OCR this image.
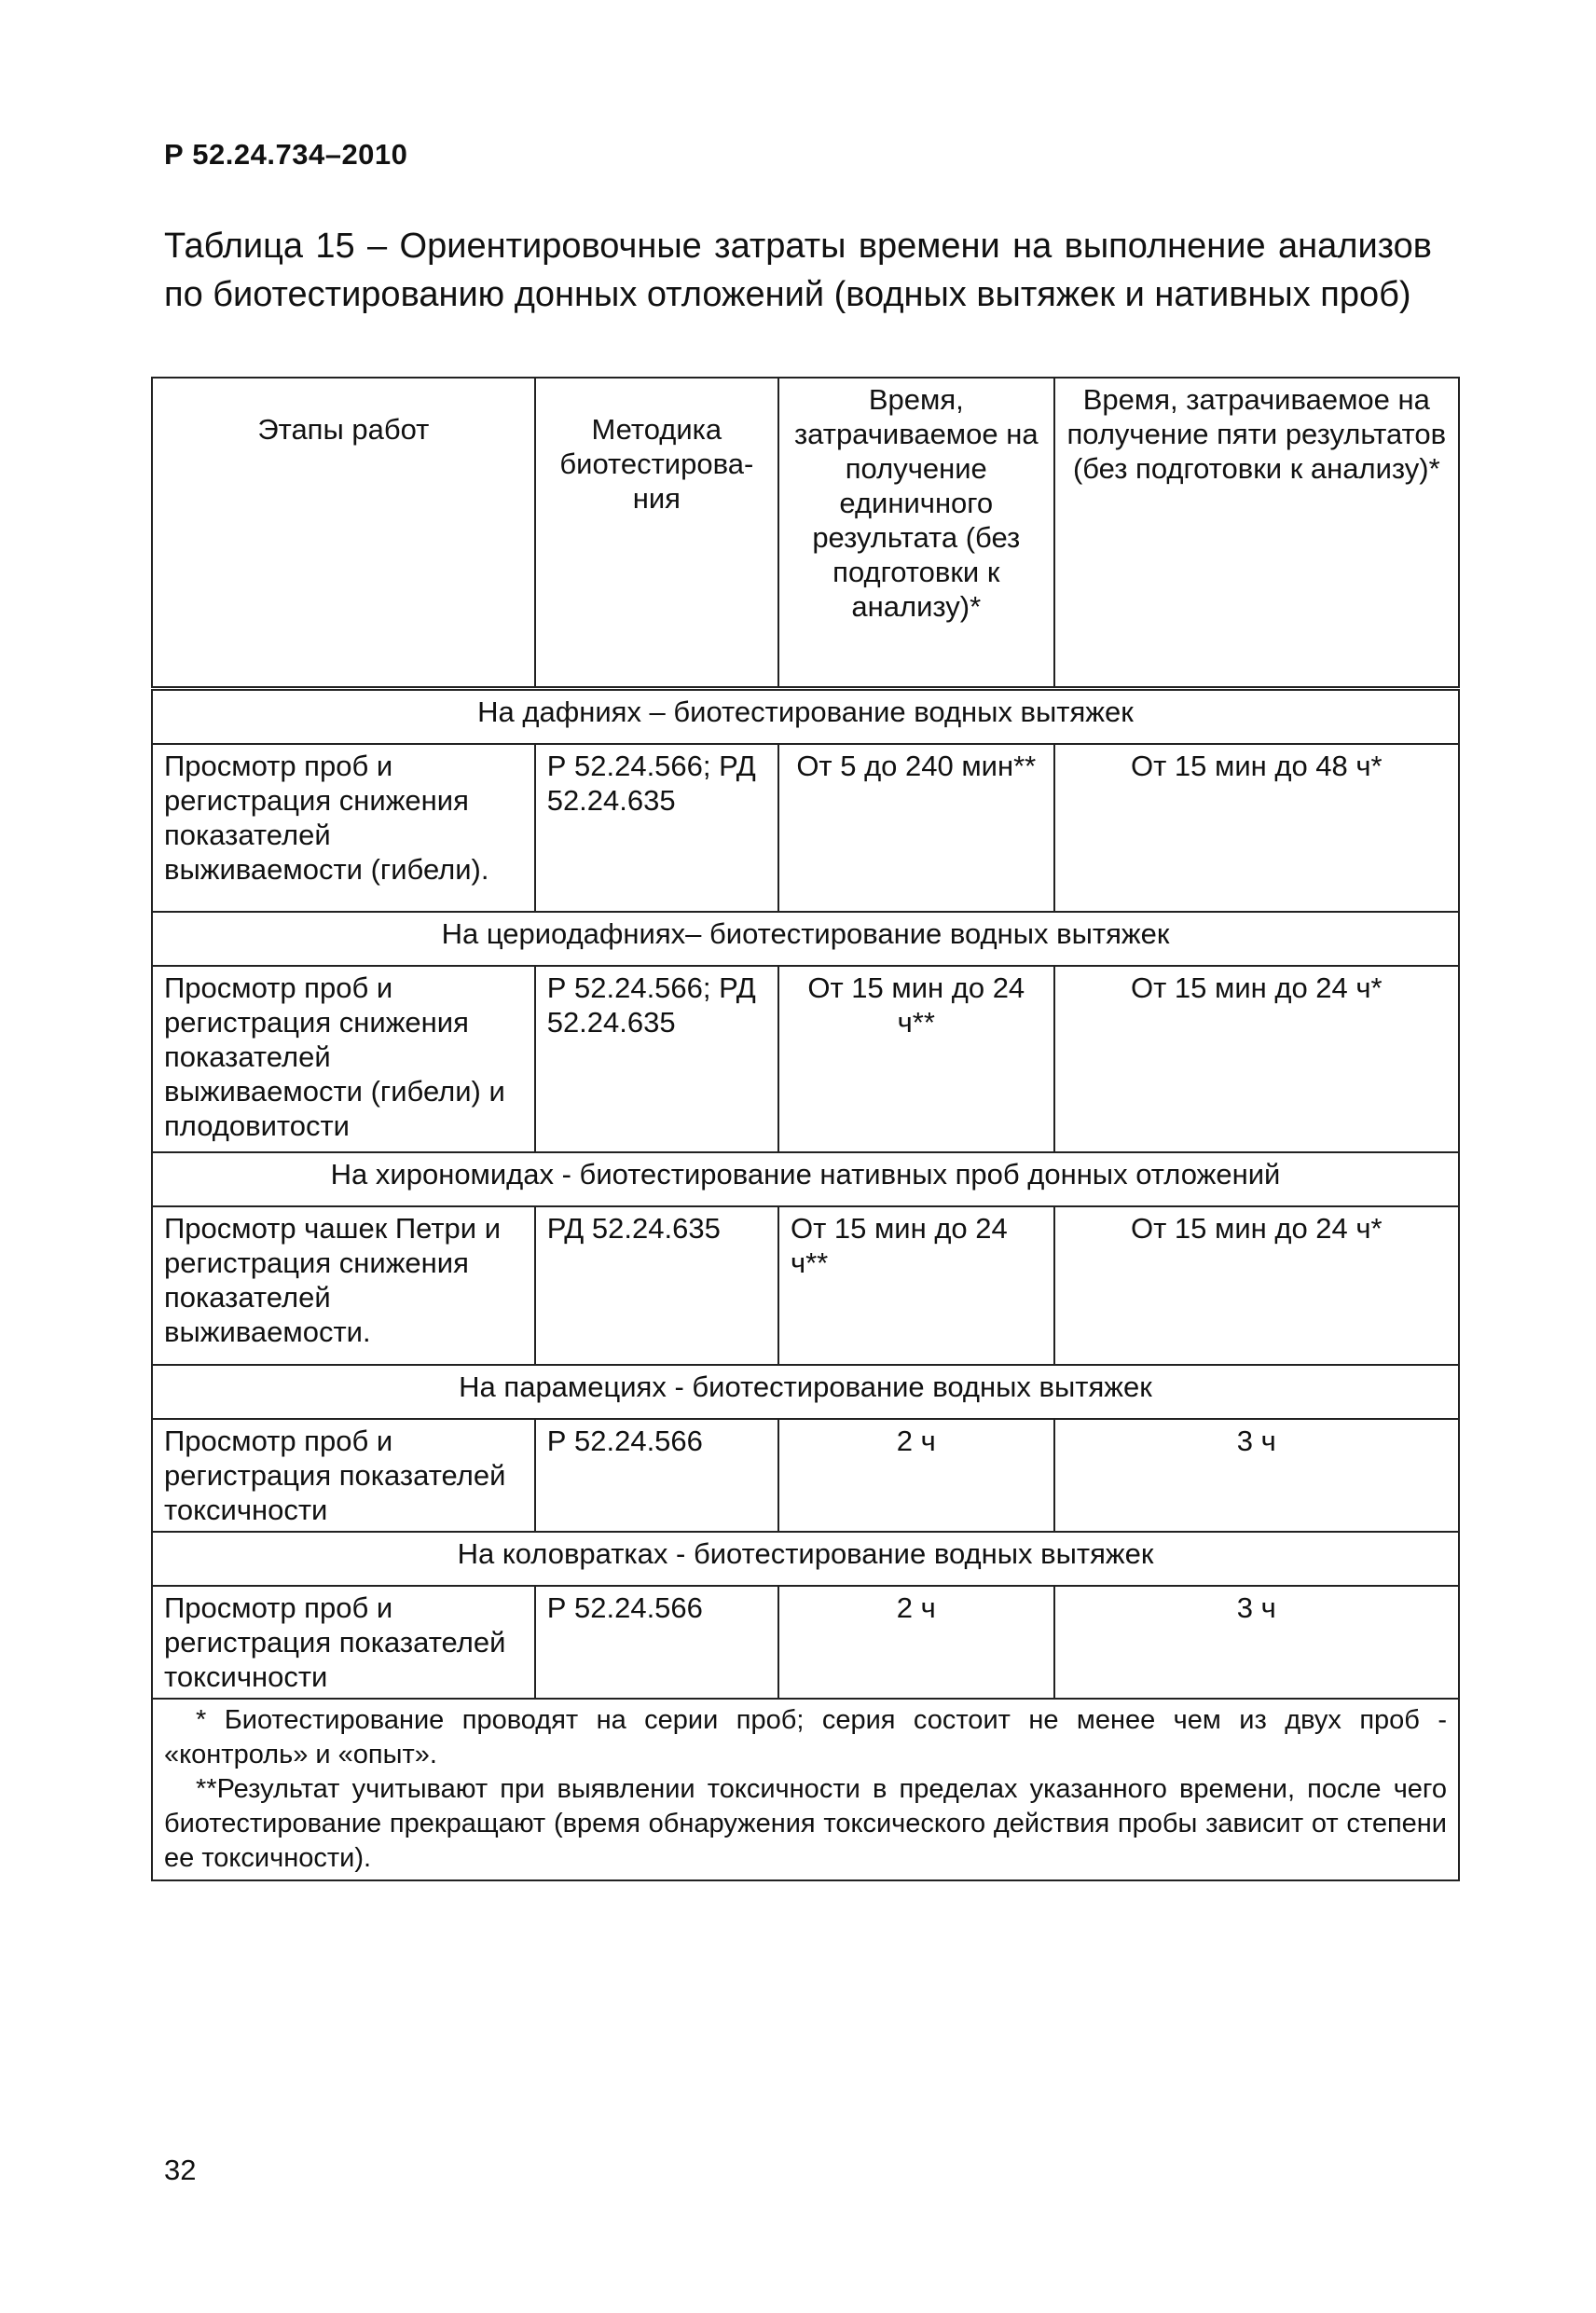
Р 52.24.734–2010
Таблица 15 – Ориентировочные затраты времени на выполнение анализов по биотестированию донных отложений (водных вытяжек и нативных проб)
Этапы работ	Методика биотестирова-ния	Время, затрачиваемое на получение единичного результата (без подготовки к анализу)*	Время, затрачиваемое на получение пяти результатов (без подготовки к анализу)*
На дафниях – биотестирование водных вытяжек			
Просмотр проб и регистрация снижения показателей выживаемости (гибели).	Р 52.24.566; РД 52.24.635	От 5 до 240 мин**	От 15 мин до 48 ч*
На цериодафниях– биотестирование водных вытяжек			
Просмотр проб и регистрация снижения показателей выживаемости (гибели) и плодовитости	Р 52.24.566; РД 52.24.635	От 15 мин до 24 ч**	От 15 мин до 24 ч*
На хирономидах - биотестирование нативных проб донных отложений			
Просмотр чашек Петри и регистрация снижения показателей выживаемости.	РД 52.24.635	От 15 мин до 24 ч**	От 15 мин до 24 ч*
На парамециях - биотестирование водных вытяжек			
Просмотр проб и регистрация показателей токсичности	Р 52.24.566	2 ч	3 ч
На коловратках - биотестирование водных вытяжек			
Просмотр проб и регистрация показателей токсичности	Р 52.24.566	2 ч	3 ч

* Биотестирование проводят на серии проб; серия состоит не менее чем из двух проб - «контроль» и «опыт».
**Результат учитывают при выявлении токсичности в пределах указанного времени, после чего биотестирование прекращают (время обнаружения токсического действия пробы зависит от степени ее токсичности).			
32
